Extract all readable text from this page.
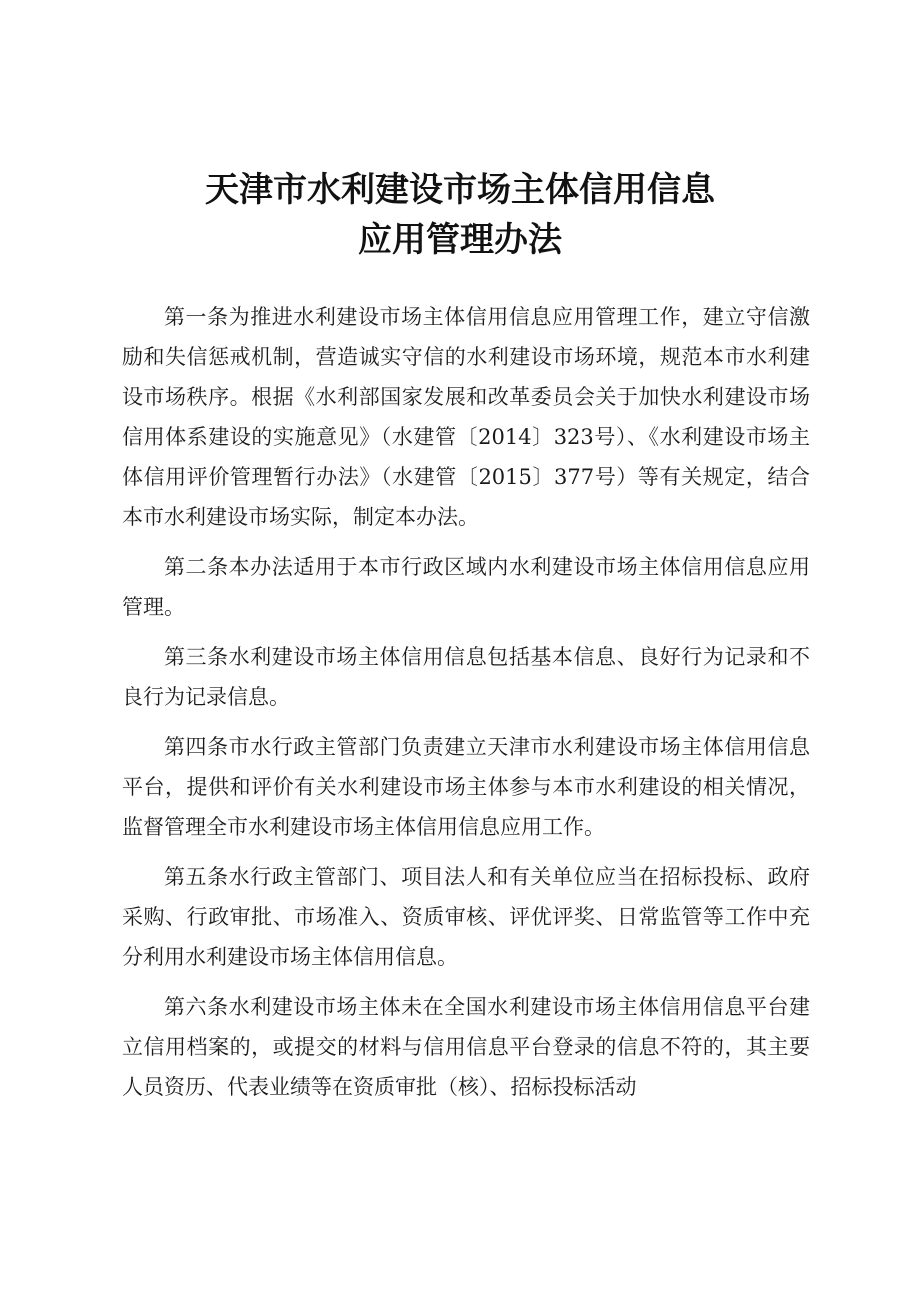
天津市水利建设市场主体信用信息
应用管理办法

第一条为推进水利建设市场主体信用信息应用管理工作，建立守信激励和失信惩戒机制，营造诚实守信的水利建设市场环境，规范本市水利建设市场秩序。根据《水利部国家发展和改革委员会关于加快水利建设市场信用体系建设的实施意见》（水建管〔2014〕323号）、《水利建设市场主体信用评价管理暂行办法》（水建管〔2015〕377号）等有关规定，结合本市水利建设市场实际，制定本办法。

第二条本办法适用于本市行政区域内水利建设市场主体信用信息应用管理。

第三条水利建设市场主体信用信息包括基本信息、良好行为记录和不良行为记录信息。

第四条市水行政主管部门负责建立天津市水利建设市场主体信用信息平台，提供和评价有关水利建设市场主体参与本市水利建设的相关情况，监督管理全市水利建设市场主体信用信息应用工作。

第五条水行政主管部门、项目法人和有关单位应当在招标投标、政府采购、行政审批、市场准入、资质审核、评优评奖、日常监管等工作中充分利用水利建设市场主体信用信息。

第六条水利建设市场主体未在全国水利建设市场主体信用信息平台建立信用档案的，或提交的材料与信用信息平台登录的信息不符的，其主要人员资历、代表业绩等在资质审批（核）、招标投标活动
